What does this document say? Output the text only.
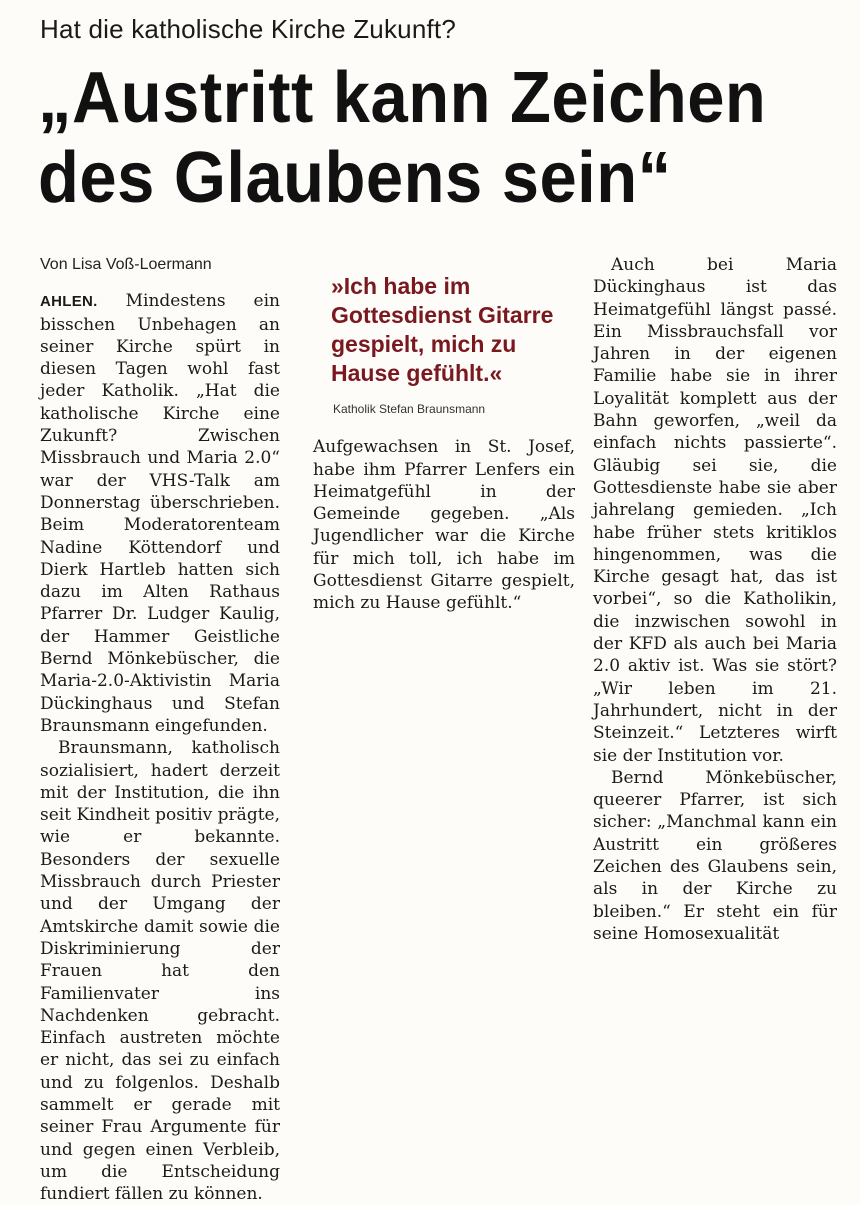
Hat die katholische Kirche Zukunft?
„Austritt kann Zeichen
des Glaubens sein“

Von Lisa Voß-Loermann

AHLEN. Mindestens ein bisschen Unbehagen an seiner Kirche spürt in diesen Tagen wohl fast jeder Katholik. „Hat die katholische Kirche eine Zukunft? Zwischen Missbrauch und Maria 2.0“ war der VHS-Talk am Donnerstag überschrieben. Beim Moderatorenteam Nadine Köttendorf und Dierk Hartleb hatten sich dazu im Alten Rathaus Pfarrer Dr. Ludger Kaulig, der Hammer Geistliche Bernd Mönkebüscher, die Maria-2.0-Aktivistin Maria Dückinghaus und Stefan Braunsmann eingefunden.

Braunsmann, katholisch sozialisiert, hadert derzeit mit der Institution, die ihn seit Kindheit positiv prägte, wie er bekannte. Besonders der sexuelle Missbrauch durch Priester und der Umgang der Amtskirche damit sowie die Diskriminierung der Frauen hat den Familienvater ins Nachdenken gebracht. Einfach austreten möchte er nicht, das sei zu einfach und zu folgenlos. Deshalb sammelt er gerade mit seiner Frau Argumente für und gegen einen Verbleib, um die Entscheidung fundiert fällen zu können.

»Ich habe im Gottesdienst Gitarre gespielt, mich zu Hause gefühlt.«

Katholik Stefan Braunsmann

Aufgewachsen in St. Josef, habe ihm Pfarrer Lenfers ein Heimatgefühl in der Gemeinde gegeben. „Als Jugendlicher war die Kirche für mich toll, ich habe im Gottesdienst Gitarre gespielt, mich zu Hause gefühlt.“

Auch bei Maria Dückinghaus ist das Heimatgefühl längst passé. Ein Missbrauchsfall vor Jahren in der eigenen Familie habe sie in ihrer Loyalität komplett aus der Bahn geworfen, „weil da einfach nichts passierte“. Gläubig sei sie, die Gottesdienste habe sie aber jahrelang gemieden. „Ich habe früher stets kritiklos hingenommen, was die Kirche gesagt hat, das ist vorbei“, so die Katholikin, die inzwischen sowohl in der KFD als auch bei Maria 2.0 aktiv ist. Was sie stört? „Wir leben im 21. Jahrhundert, nicht in der Steinzeit.“ Letzteres wirft sie der Institution vor.

Bernd Mönkebüscher, queerer Pfarrer, ist sich sicher: „Manchmal kann ein Austritt ein größeres Zeichen des Glaubens sein, als in der Kirche zu bleiben.“ Er steht ein für seine Homosexualität
